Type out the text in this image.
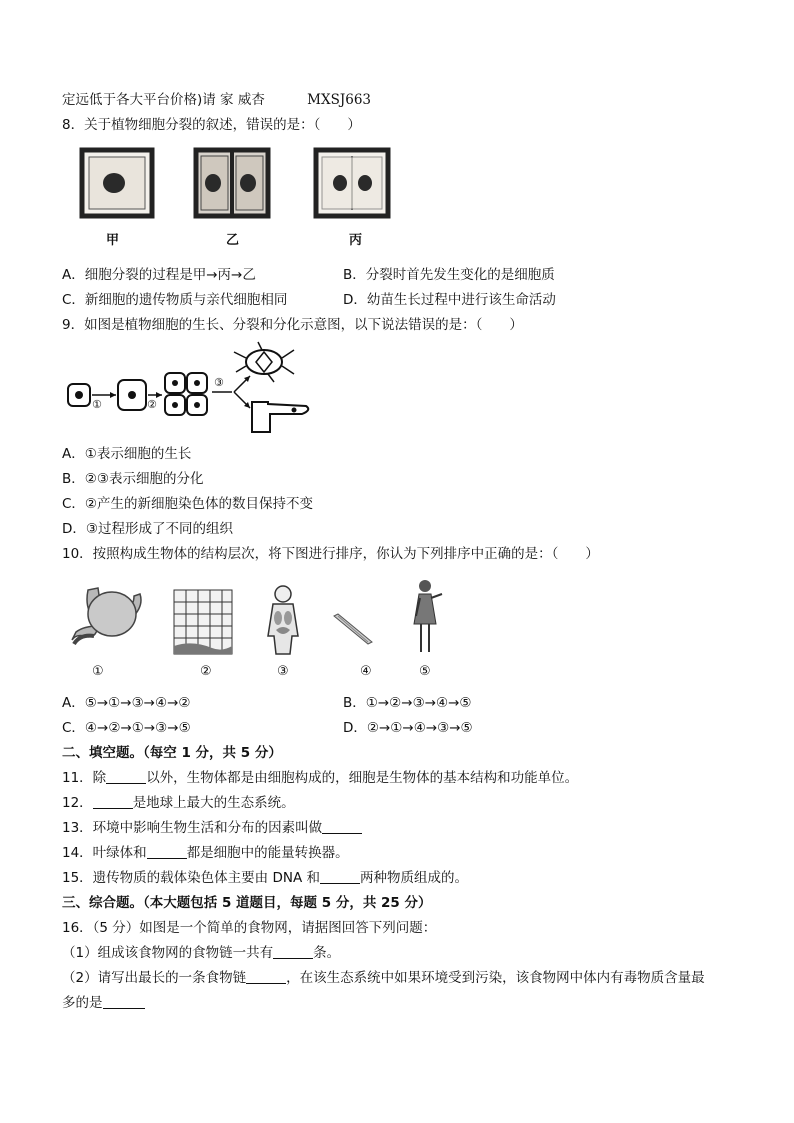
定远低于各大平台价格)请 家 威杏	MXSJ663
8．关于植物细胞分裂的叙述，错误的是：（　　）
甲	乙	丙
A．细胞分裂的过程是甲→丙→乙	B．分裂时首先发生变化的是细胞质
C．新细胞的遗传物质与亲代细胞相同	D．幼苗生长过程中进行该生命活动
9．如图是植物细胞的生长、分裂和分化示意图，以下说法错误的是：（　　）
①	②
③
A．①表示细胞的生长
B．②③表示细胞的分化
C．②产生的新细胞染色体的数目保持不变
D．③过程形成了不同的组织
10．按照构成生物体的结构层次，将下图进行排序，你认为下列排序中正确的是：（　　）
①	②	③	④	⑤
A．⑤→①→③→④→②	B．①→②→③→④→⑤
C．④→②→①→③→⑤	D．②→①→④→③→⑤
二、填空题。（每空 1 分，共 5 分）
11．除	以外，生物体都是由细胞构成的，细胞是生物体的基本结构和功能单位。
12．	是地球上最大的生态系统。
13．环境中影响生物生活和分布的因素叫做
14．叶绿体和	都是细胞中的能量转换器。
15．遗传物质的载体染色体主要由 DNA 和	两种物质组成的。
三、综合题。（本大题包括 5 道题目，每题 5 分，共 25 分）
16．（5 分）如图是一个简单的食物网，请据图回答下列问题：
（1）组成该食物网的食物链一共有	条。
（2）请写出最长的一条食物链	，在该生态系统中如果环境受到污染，该食物网中体内有毒物质含量最
多的是
